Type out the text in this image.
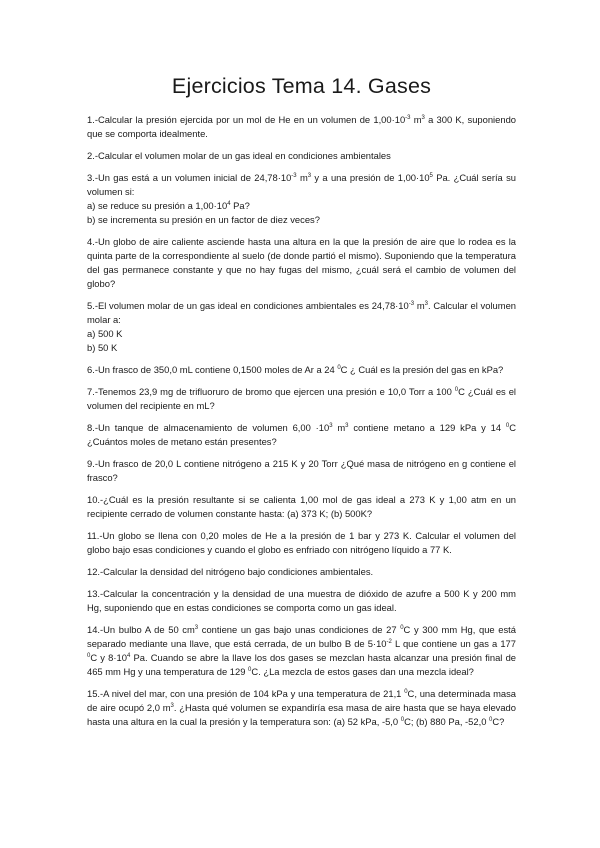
Ejercicios Tema 14. Gases

1.-Calcular la presión ejercida por un mol de He en un volumen de $1,00\cdot 10^{-3}$ $m^3$ a 300 K, suponiendo que se comporta idealmente.

2.-Calcular el volumen molar de un gas ideal en condiciones ambientales

3.-Un gas está a un volumen inicial de $24,78\cdot 10^{-3}$ $m^3$ y a una presión de $1,00\cdot 10^5$ Pa. ¿Cuál sería su volumen si:

a) se reduce su presión a $1,00\cdot 10^4$ Pa?

b) se incrementa su presión en un factor de diez veces?

4.-Un globo de aire caliente asciende hasta una altura en la que la presión de aire que lo rodea es la quinta parte de la correspondiente al suelo (de donde partió el mismo). Suponiendo que la temperatura del gas permanece constante y que no hay fugas del mismo, ¿cuál será el cambio de volumen del globo?

5.-El volumen molar de un gas ideal en condiciones ambientales es $24,78\cdot 10^{-3}$ $m^3$. Calcular el volumen molar a:

a) 500 K

b) 50 K

6.-Un frasco de 350,0 mL contiene 0,1500 moles de Ar a 24 $^0$C ¿ Cuál es la presión del gas en kPa?

7.-Tenemos 23,9 mg de trifluoruro de bromo que ejercen una presión e 10,0 Torr a 100 $^0$C ¿Cuál es el volumen del recipiente en mL?

8.-Un tanque de almacenamiento de volumen $6,00 \cdot 10^3$ $m^3$ contiene metano a 129 kPa y 14 $^0$C ¿Cuántos moles de metano están presentes?

9.-Un frasco de 20,0 L contiene nitrógeno a 215 K y 20 Torr ¿Qué masa de nitrógeno en g contiene el frasco?

10.-¿Cuál es la presión resultante si se calienta 1,00 mol de gas ideal a 273 K y 1,00 atm en un recipiente cerrado de volumen constante hasta: (a) 373 K; (b) 500K?

11.-Un globo se llena con 0,20 moles de He a la presión de 1 bar y 273 K. Calcular el volumen del globo bajo esas condiciones y cuando el globo es enfriado con nitrógeno líquido a 77 K.

12.-Calcular la densidad del nitrógeno bajo condiciones ambientales.

13.-Calcular la concentración y la densidad de una muestra de dióxido de azufre a 500 K y 200 mm Hg, suponiendo que en estas condiciones se comporta como un gas ideal.

14.-Un bulbo A de 50 $cm^3$ contiene un gas bajo unas condiciones de 27 $^0$C y 300 mm Hg, que está separado mediante una llave, que está cerrada, de un bulbo B de $5\cdot 10^{-2}$ L que contiene un gas a 177 $^0$C y $8\cdot 10^4$ Pa. Cuando se abre la llave los dos gases se mezclan hasta alcanzar una presión final de 465 mm Hg y una temperatura de 129 $^0$C. ¿La mezcla de estos gases dan una mezcla ideal?

15.-A nivel del mar, con una presión de 104 kPa y una temperatura de 21,1 $^0$C, una determinada masa de aire ocupó 2,0 $m^3$. ¿Hasta qué volumen se expandiría esa masa de aire hasta que se haya elevado hasta una altura en la cual la presión y la temperatura son: (a) 52 kPa, -5,0 $^0$C; (b) 880 Pa, -52,0 $^0$C?
